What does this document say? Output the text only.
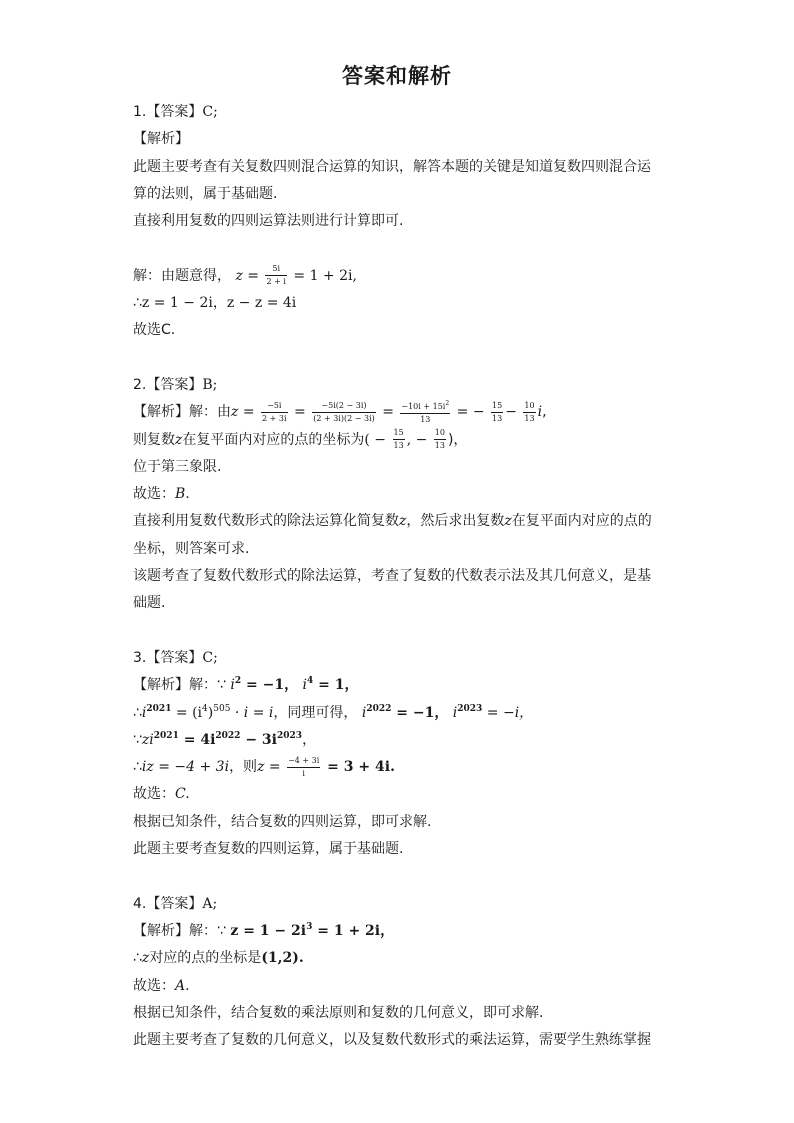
答案和解析
1.【答案】C;
【解析】
此题主要考查有关复数四则混合运算的知识，解答本题的关键是知道复数四则混合运
算的法则，属于基础题.
直接利用复数的四则运算法则进行计算即可.
解：由题意得， $z = \frac{5i}{2 + i} = 1 + 2i$,
∴z = 1 − 2i，z − z = 4i
故选C.
2.【答案】B;
【解析】解：由$z = \frac{-5i}{2 + 3i} = \frac{-5i(2 - 3i)}{(2 + 3i)(2 - 3i)} = \frac{-10i + 15i^2}{13}$ = − $\frac{15}{13} - \frac{10}{13} i$,
则复数z在复平面内对应的点的坐标为( − $\frac{15}{13}$ , − $\frac{10}{13}$ )，
位于第三象限.
故选：B.
直接利用复数代数形式的除法运算化简复数z，然后求出复数z在复平面内对应的点的
坐标，则答案可求.
该题考查了复数代数形式的除法运算，考查了复数的代数表示法及其几何意义，是基
础题.
3.【答案】C;
【解析】解：∵ $i^2 = -1$， $i^4 = 1$，
$\therefore i^{2021} = (i^4)^{505} \cdot i = i$，同理可得， $i^{2022} = -1$， $i^{2023} = -i$，
$\because zi^{2021} = 4i^{2022} - 3i^{2023}$，
∴iz = −4 + 3i，则$z = \frac{-4 + 3i}{i} = 3 + 4i$.
故选：C.
根据已知条件，结合复数的四则运算，即可求解.
此题主要考查复数的四则运算，属于基础题.
4.【答案】A;
【解析】解：∵ $z = 1 - 2i^3 = 1 + 2i$，
∴z对应的点的坐标是(1,2).
故选：A.
根据已知条件，结合复数的乘法原则和复数的几何意义，即可求解.
此题主要考查了复数的几何意义，以及复数代数形式的乘法运算，需要学生熟练掌握
